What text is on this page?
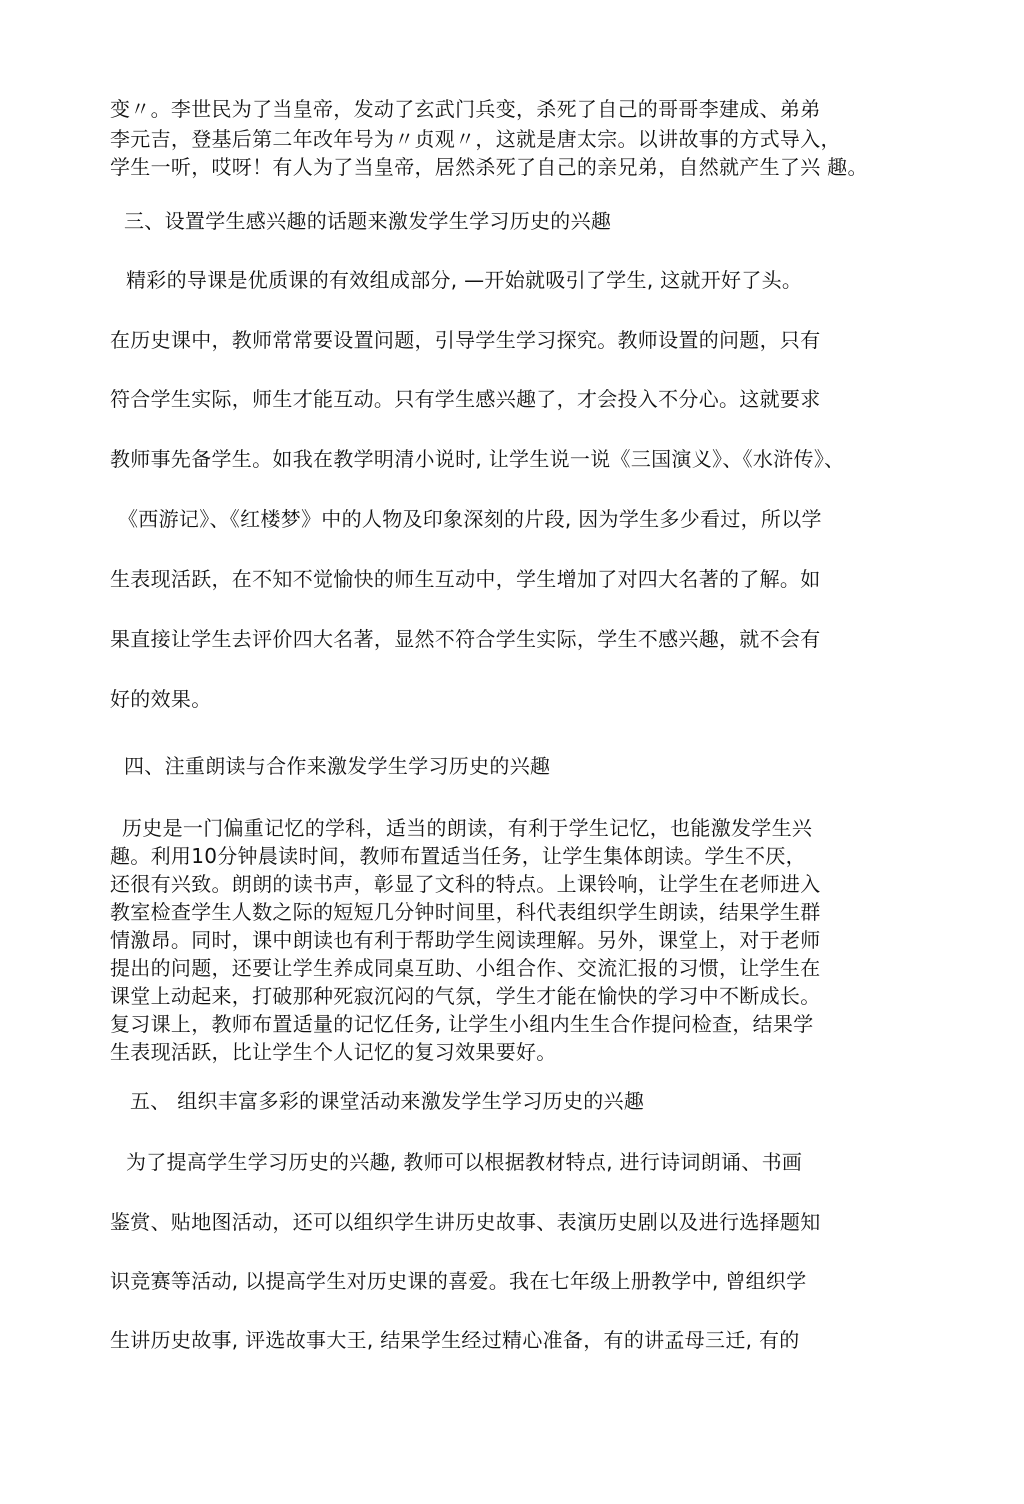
变〃。李世民为了当皇帝，发动了玄武门兵变，杀死了自己的哥哥李建成、弟弟
李元吉，登基后第二年改年号为〃贞观〃，这就是唐太宗。以讲故事的方式导入，
学生一听，哎呀！有人为了当皇帝，居然杀死了自己的亲兄弟，自然就产生了兴 趣。
三、设置学生感兴趣的话题来激发学生学习历史的兴趣
精彩的导课是优质课的有效组成部分, —开始就吸引了学生, 这就开好了头。
在历史课中，教师常常要设置问题，引导学生学习探究。教师设置的问题，只有
符合学生实际，师生才能互动。只有学生感兴趣了，才会投入不分心。这就要求
教师事先备学生。如我在教学明清小说时, 让学生说一说《三国演义》、《水浒传》、
《西游记》、《红楼梦》中的人物及印象深刻的片段, 因为学生多少看过，所以学
生表现活跃，在不知不觉愉快的师生互动中，学生增加了对四大名著的了解。如
果直接让学生去评价四大名著，显然不符合学生实际，学生不感兴趣，就不会有
好的效果。
四、注重朗读与合作来激发学生学习历史的兴趣
历史是一门偏重记忆的学科，适当的朗读，有利于学生记忆，也能激发学生兴
趣。利用10分钟晨读时间，教师布置适当任务，让学生集体朗读。学生不厌，
还很有兴致。朗朗的读书声，彰显了文科的特点。上课铃响，让学生在老师进入
教室检查学生人数之际的短短几分钟时间里，科代表组织学生朗读，结果学生群
情激昂。同时，课中朗读也有利于帮助学生阅读理解。另外，课堂上，对于老师
提出的问题，还要让学生养成同桌互助、小组合作、交流汇报的习惯，让学生在
课堂上动起来，打破那种死寂沉闷的气氛，学生才能在愉快的学习中不断成长。
复习课上，教师布置适量的记忆任务, 让学生小组内生生合作提问检查，结果学
生表现活跃，比让学生个人记忆的复习效果要好。
五、 组织丰富多彩的课堂活动来激发学生学习历史的兴趣
为了提高学生学习历史的兴趣, 教师可以根据教材特点, 进行诗词朗诵、书画
鉴赏、贴地图活动，还可以组织学生讲历史故事、表演历史剧以及进行选择题知
识竞赛等活动, 以提高学生对历史课的喜爱。我在七年级上册教学中, 曾组织学
生讲历史故事, 评选故事大王, 结果学生经过精心准备，有的讲孟母三迁, 有的
